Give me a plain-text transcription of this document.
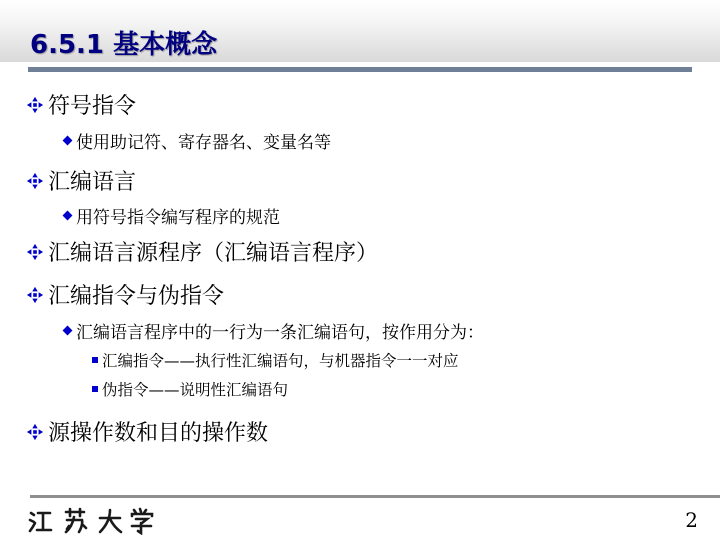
6.5.1 基本概念
符号指令
使用助记符、寄存器名、变量名等
汇编语言
用符号指令编写程序的规范
汇编语言源程序（汇编语言程序）
汇编指令与伪指令
汇编语言程序中的一行为一条汇编语句，按作用分为：
汇编指令——执行性汇编语句，与机器指令一一对应
伪指令——说明性汇编语句
源操作数和目的操作数
2
